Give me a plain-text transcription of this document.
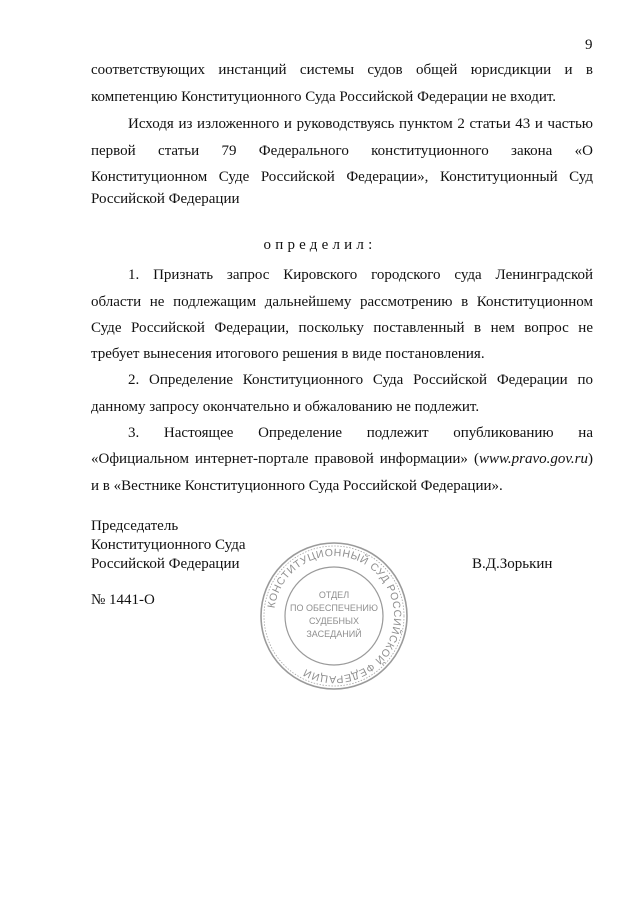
9
соответствующих инстанций системы судов общей юрисдикции и в
компетенцию Конституционного Суда Российской Федерации не входит.
Исходя из изложенного и руководствуясь пунктом 2 статьи 43 и частью
первой статьи 79 Федерального конституционного закона «О
Конституционном Суде Российской Федерации», Конституционный Суд
Российской Федерации
определил:
1. Признать запрос Кировского городского суда Ленинградской
области не подлежащим дальнейшему рассмотрению в Конституционном
Суде Российской Федерации, поскольку поставленный в нем вопрос не
требует вынесения итогового решения в виде постановления.
2. Определение Конституционного Суда Российской Федерации по
данному запросу окончательно и обжалованию не подлежит.
3. Настоящее Определение подлежит опубликованию на
«Официальном интернет-портале правовой информации» (www.pravo.gov.ru)
и в «Вестнике Конституционного Суда Российской Федерации».
Председатель
Конституционного Суда
Российской Федерации	В.Д.Зорькин
№ 1441-О	КОНСТИТУЦИОННЫЙ СУД РОССИЙСКОЙ ФЕДЕРАЦИИ
ОТДЕЛ
ПО ОБЕСПЕЧЕНИЮ
СУДЕБНЫХ
ЗАСЕДАНИЙ
